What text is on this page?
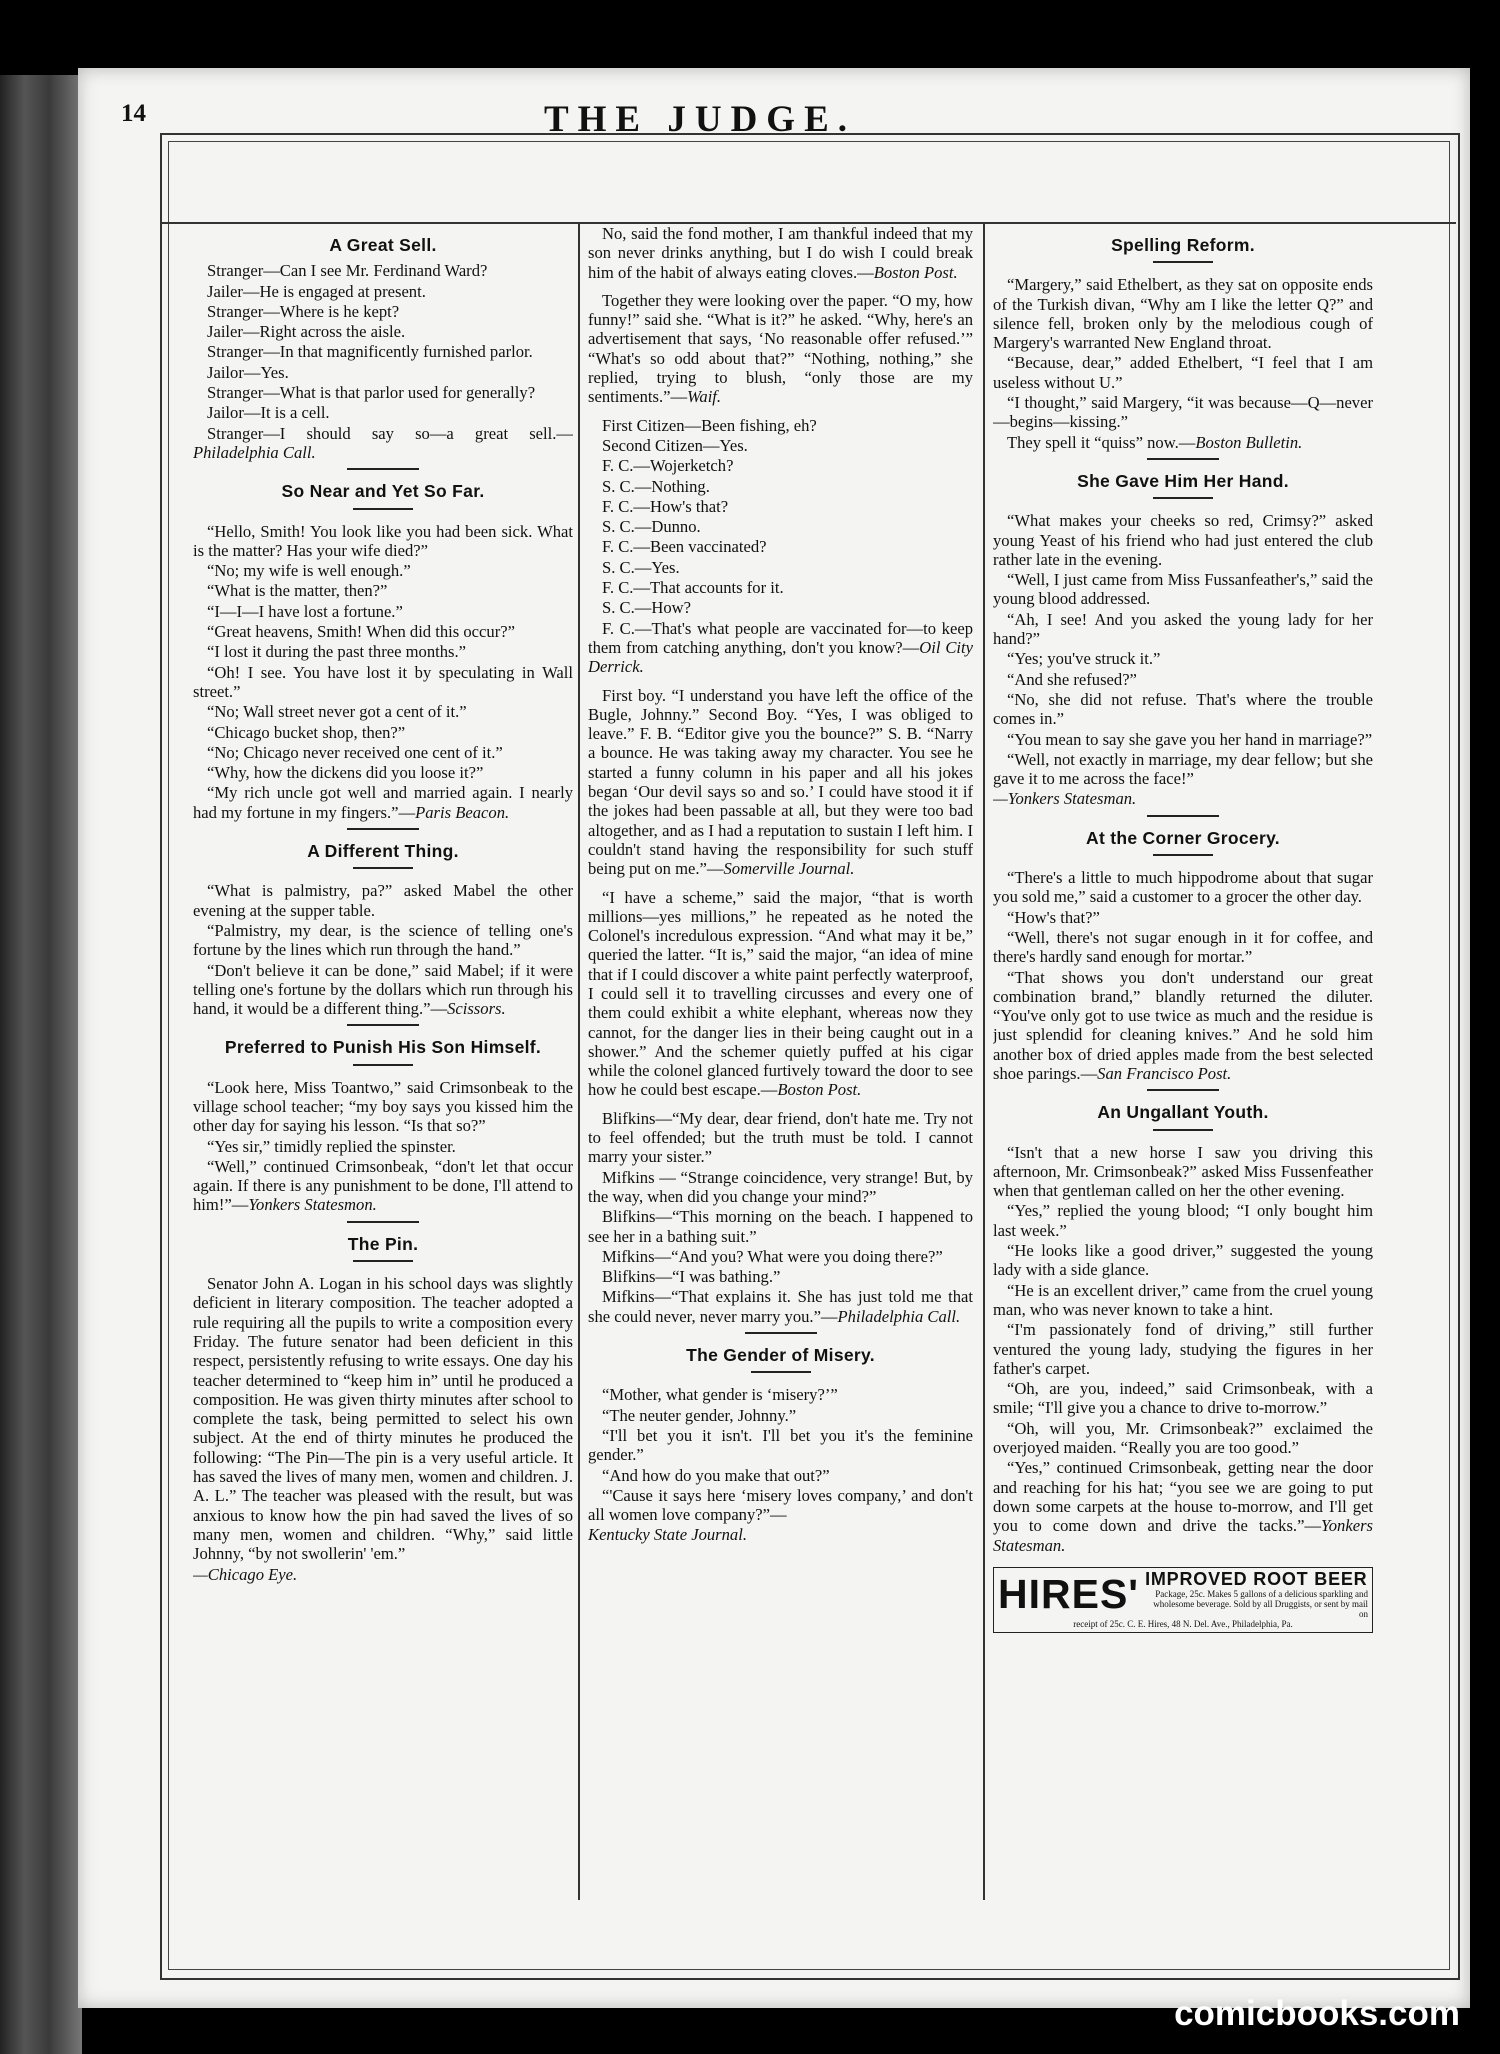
14	THE JUDGE.
A Great Sell.

Stranger—Can I see Mr. Ferdinand Ward?

Jailer—He is engaged at present.

Stranger—Where is he kept?

Jailer—Right across the aisle.

Stranger—In that magnificently furnished parlor.

Jailor—Yes.

Stranger—What is that parlor used for generally?

Jailor—It is a cell.

Stranger—I should say so—a great sell.— Philadelphia Call.

So Near and Yet So Far.

“Hello, Smith! You look like you had been sick. What is the matter? Has your wife died?”

“No; my wife is well enough.”

“What is the matter, then?”

“I—I—I have lost a fortune.”

“Great heavens, Smith! When did this occur?”

“I lost it during the past three months.”

“Oh! I see. You have lost it by speculating in Wall street.”

“No; Wall street never got a cent of it.”

“Chicago bucket shop, then?”

“No; Chicago never received one cent of it.”

“Why, how the dickens did you loose it?”

“My rich uncle got well and married again. I nearly had my fortune in my fingers.”—Paris Beacon.

A Different Thing.

“What is palmistry, pa?” asked Mabel the other evening at the supper table.

“Palmistry, my dear, is the science of telling one's fortune by the lines which run through the hand.”

“Don't believe it can be done,” said Mabel; if it were telling one's fortune by the dollars which run through his hand, it would be a different thing.”—Scissors.

Preferred to Punish His Son Himself.

“Look here, Miss Toantwo,” said Crimsonbeak to the village school teacher; “my boy says you kissed him the other day for saying his lesson. “Is that so?”

“Yes sir,” timidly replied the spinster.

“Well,” continued Crimsonbeak, “don't let that occur again. If there is any punishment to be done, I'll attend to him!”—Yonkers Statesmon.

The Pin.

Senator John A. Logan in his school days was slightly deficient in literary composition. The teacher adopted a rule requiring all the pupils to write a composition every Friday. The future senator had been deficient in this respect, persistently refusing to write essays. One day his teacher determined to “keep him in” until he produced a composition. He was given thirty minutes after school to complete the task, being permitted to select his own subject. At the end of thirty minutes he produced the following: “The Pin—The pin is a very useful article. It has saved the lives of many men, women and children. J. A. L.” The teacher was pleased with the result, but was anxious to know how the pin had saved the lives of so many men, women and children. “Why,” said little Johnny, “by not swollerin' 'em.”

—Chicago Eye.

No, said the fond mother, I am thankful indeed that my son never drinks anything, but I do wish I could break him of the habit of always eating cloves.—Boston Post.

Together they were looking over the paper. “O my, how funny!” said she. “What is it?” he asked. “Why, here's an advertisement that says, ‘No reasonable offer refused.’” “What's so odd about that?” “Nothing, nothing,” she replied, trying to blush, “only those are my sentiments.”—Waif.

First Citizen—Been fishing, eh?

Second Citizen—Yes.

F. C.—Wojerketch?

S. C.—Nothing.

F. C.—How's that?

S. C.—Dunno.

F. C.—Been vaccinated?

S. C.—Yes.

F. C.—That accounts for it.

S. C.—How?

F. C.—That's what people are vaccinated for—to keep them from catching anything, don't you know?—Oil City Derrick.

First boy. “I understand you have left the office of the Bugle, Johnny.” Second Boy. “Yes, I was obliged to leave.” F. B. “Editor give you the bounce?” S. B. “Narry a bounce. He was taking away my character. You see he started a funny column in his paper and all his jokes began ‘Our devil says so and so.’ I could have stood it if the jokes had been passable at all, but they were too bad altogether, and as I had a reputation to sustain I left him. I couldn't stand having the responsibility for such stuff being put on me.”—Somerville Journal.

“I have a scheme,” said the major, “that is worth millions—yes millions,” he repeated as he noted the Colonel's incredulous expression. “And what may it be,” queried the latter. “It is,” said the major, “an idea of mine that if I could discover a white paint perfectly waterproof, I could sell it to travelling circusses and every one of them could exhibit a white elephant, whereas now they cannot, for the danger lies in their being caught out in a shower.” And the schemer quietly puffed at his cigar while the colonel glanced furtively toward the door to see how he could best escape.—Boston Post.

Blifkins—“My dear, dear friend, don't hate me. Try not to feel offended; but the truth must be told. I cannot marry your sister.”

Mifkins — “Strange coincidence, very strange! But, by the way, when did you change your mind?”

Blifkins—“This morning on the beach. I happened to see her in a bathing suit.”

Mifkins—“And you? What were you doing there?”

Blifkins—“I was bathing.”

Mifkins—“That explains it. She has just told me that she could never, never marry you.”—Philadelphia Call.

The Gender of Misery.

“Mother, what gender is ‘misery?’”

“The neuter gender, Johnny.”

“I'll bet you it isn't. I'll bet you it's the feminine gender.”

“And how do you make that out?”

“'Cause it says here ‘misery loves company,’ and don't all women love company?”—

Kentucky State Journal.

Spelling Reform.

“Margery,” said Ethelbert, as they sat on opposite ends of the Turkish divan, “Why am I like the letter Q?” and silence fell, broken only by the melodious cough of Margery's warranted New England throat.

“Because, dear,” added Ethelbert, “I feel that I am useless without U.”

“I thought,” said Margery, “it was because—Q—never—begins—kissing.”

They spell it “quiss” now.—Boston Bulletin.

She Gave Him Her Hand.

“What makes your cheeks so red, Crimsy?” asked young Yeast of his friend who had just entered the club rather late in the evening.

“Well, I just came from Miss Fussanfeather's,” said the young blood addressed.

“Ah, I see! And you asked the young lady for her hand?”

“Yes; you've struck it.”

“And she refused?”

“No, she did not refuse. That's where the trouble comes in.”

“You mean to say she gave you her hand in marriage?”

“Well, not exactly in marriage, my dear fellow; but she gave it to me across the face!”

—Yonkers Statesman.

At the Corner Grocery.

“There's a little to much hippodrome about that sugar you sold me,” said a customer to a grocer the other day.

“How's that?”

“Well, there's not sugar enough in it for coffee, and there's hardly sand enough for mortar.”

“That shows you don't understand our great combination brand,” blandly returned the diluter. “You've only got to use twice as much and the residue is just splendid for cleaning knives.” And he sold him another box of dried apples made from the best selected shoe parings.—San Francisco Post.

An Ungallant Youth.

“Isn't that a new horse I saw you driving this afternoon, Mr. Crimsonbeak?” asked Miss Fussenfeather when that gentleman called on her the other evening.

“Yes,” replied the young blood; “I only bought him last week.”

“He looks like a good driver,” suggested the young lady with a side glance.

“He is an excellent driver,” came from the cruel young man, who was never known to take a hint.

“I'm passionately fond of driving,” still further ventured the young lady, studying the figures in her father's carpet.

“Oh, are you, indeed,” said Crimsonbeak, with a smile; “I'll give you a chance to drive to-morrow.”

“Oh, will you, Mr. Crimsonbeak?” exclaimed the overjoyed maiden. “Really you are too good.”

“Yes,” continued Crimsonbeak, getting near the door and reaching for his hat; “you see we are going to put down some carpets at the house to-morrow, and I'll get you to come down and drive the tacks.”—Yonkers Statesman.

HIRES' IMPROVED ROOT BEER
Package, 25c. Makes 5 gallons of a delicious sparkling and wholesome beverage. Sold by all Druggists, or sent by mail on
receipt of 25c. C. E. Hires, 48 N. Del. Ave., Philadelphia, Pa.
comicbooks.com
